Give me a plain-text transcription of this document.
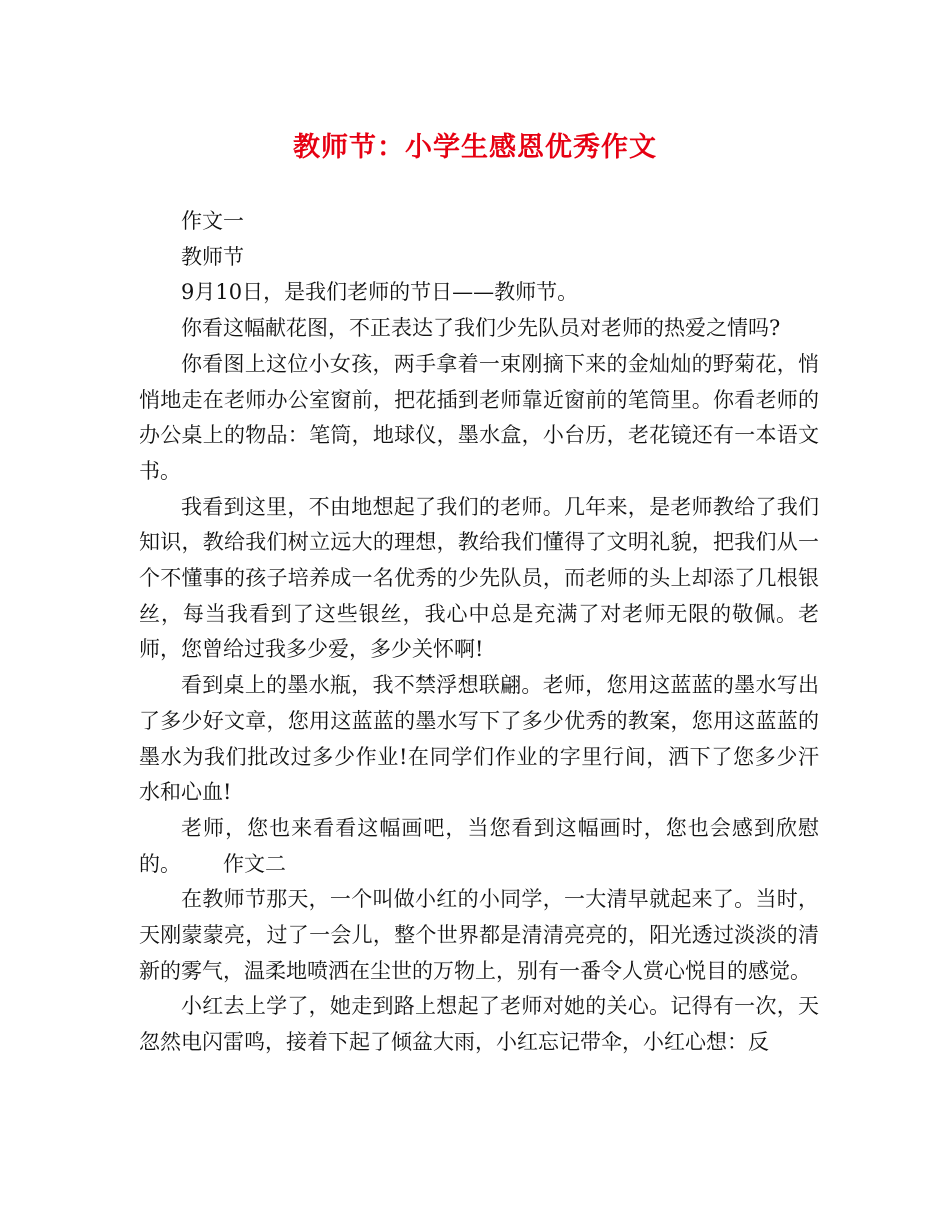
教师节：小学生感恩优秀作文

作文一

教师节

9月10日，是我们老师的节日——教师节。

你看这幅献花图，不正表达了我们少先队员对老师的热爱之情吗?

你看图上这位小女孩，两手拿着一束刚摘下来的金灿灿的野菊花，悄悄地走在老师办公室窗前，把花插到老师靠近窗前的笔筒里。你看老师的办公桌上的物品：笔筒，地球仪，墨水盒，小台历，老花镜还有一本语文书。

我看到这里，不由地想起了我们的老师。几年来，是老师教给了我们知识，教给我们树立远大的理想，教给我们懂得了文明礼貌，把我们从一个不懂事的孩子培养成一名优秀的少先队员，而老师的头上却添了几根银丝，每当我看到了这些银丝，我心中总是充满了对老师无限的敬佩。老师，您曾给过我多少爱，多少关怀啊!

看到桌上的墨水瓶，我不禁浮想联翩。老师，您用这蓝蓝的墨水写出了多少好文章，您用这蓝蓝的墨水写下了多少优秀的教案，您用这蓝蓝的墨水为我们批改过多少作业!在同学们作业的字里行间，洒下了您多少汗水和心血!

老师，您也来看看这幅画吧，当您看到这幅画时，您也会感到欣慰的。 作文二

在教师节那天，一个叫做小红的小同学，一大清早就起来了。当时，天刚蒙蒙亮，过了一会儿，整个世界都是清清亮亮的，阳光透过淡淡的清新的雾气，温柔地喷洒在尘世的万物上，别有一番令人赏心悦目的感觉。

小红去上学了，她走到路上想起了老师对她的关心。记得有一次，天忽然电闪雷鸣，接着下起了倾盆大雨，小红忘记带伞，小红心想：反
